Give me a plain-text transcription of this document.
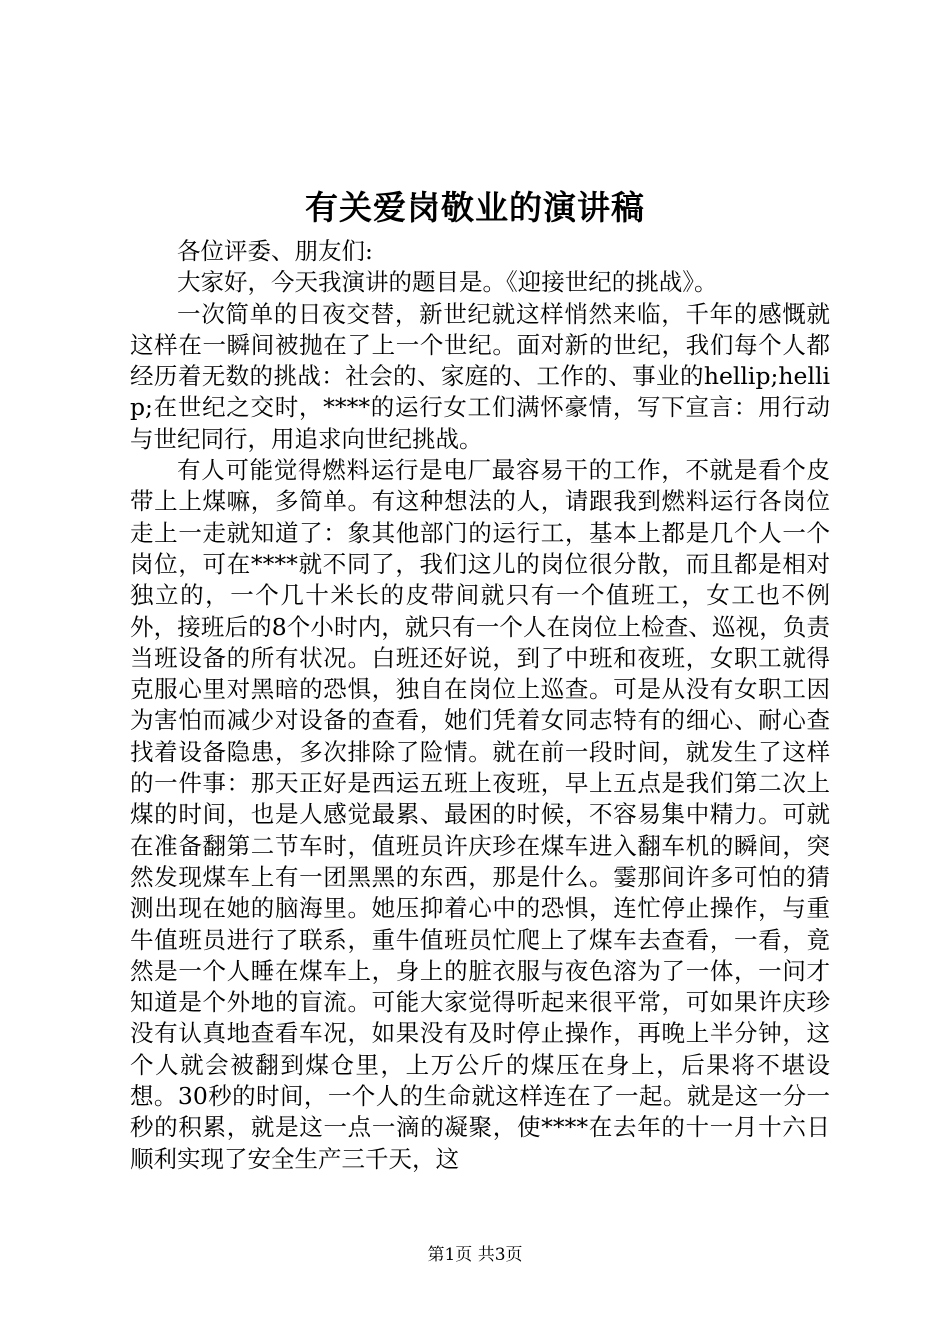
有关爱岗敬业的演讲稿

各位评委、朋友们:

大家好，今天我演讲的题目是。《迎接世纪的挑战》。

一次简单的日夜交替，新世纪就这样悄然来临，千年的感慨就这样在一瞬间被抛在了上一个世纪。面对新的世纪，我们每个人都经历着无数的挑战：社会的、家庭的、工作的、事业的hellip;hellip;在世纪之交时，****的运行女工们满怀豪情，写下宣言：用行动与世纪同行，用追求向世纪挑战。

有人可能觉得燃料运行是电厂最容易干的工作，不就是看个皮带上上煤嘛，多简单。有这种想法的人，请跟我到燃料运行各岗位走上一走就知道了：象其他部门的运行工，基本上都是几个人一个岗位，可在****就不同了，我们这儿的岗位很分散，而且都是相对独立的，一个几十米长的皮带间就只有一个值班工，女工也不例外，接班后的8个小时内，就只有一个人在岗位上检查、巡视，负责当班设备的所有状况。白班还好说，到了中班和夜班，女职工就得克服心里对黑暗的恐惧，独自在岗位上巡查。可是从没有女职工因为害怕而减少对设备的查看，她们凭着女同志特有的细心、耐心查找着设备隐患，多次排除了险情。就在前一段时间，就发生了这样的一件事：那天正好是西运五班上夜班，早上五点是我们第二次上煤的时间，也是人感觉最累、最困的时候，不容易集中精力。可就在准备翻第二节车时，值班员许庆珍在煤车进入翻车机的瞬间，突然发现煤车上有一团黑黑的东西，那是什么。霎那间许多可怕的猜测出现在她的脑海里。她压抑着心中的恐惧，连忙停止操作，与重牛值班员进行了联系，重牛值班员忙爬上了煤车去查看，一看，竟然是一个人睡在煤车上，身上的脏衣服与夜色溶为了一体，一问才知道是个外地的盲流。可能大家觉得听起来很平常，可如果许庆珍没有认真地查看车况，如果没有及时停止操作，再晚上半分钟，这个人就会被翻到煤仓里，上万公斤的煤压在身上，后果将不堪设想。30秒的时间，一个人的生命就这样连在了一起。就是这一分一秒的积累，就是这一点一滴的凝聚，使****在去年的十一月十六日顺利实现了安全生产三千天，这

第1页 共3页
